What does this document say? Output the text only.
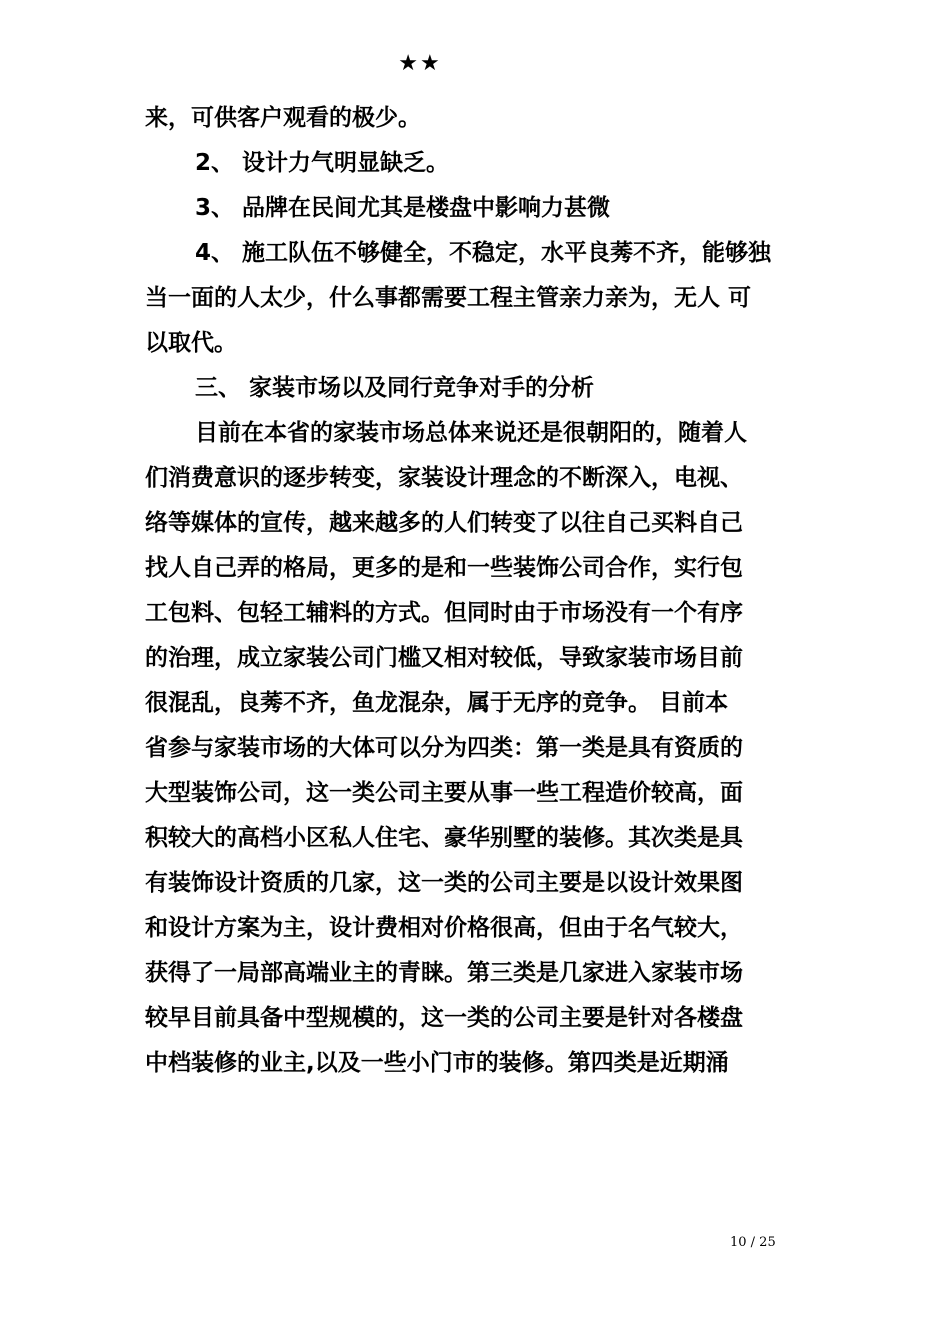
★★
来，可供客户观看的极少。
2、 设计力气明显缺乏。
3、 品牌在民间尤其是楼盘中影响力甚微
4、 施工队伍不够健全，不稳定，水平良莠不齐，能够独
当一面的人太少，什么事都需要工程主管亲力亲为，无人 可
以取代。
三、 家装市场以及同行竞争对手的分析
目前在本省的家装市场总体来说还是很朝阳的，随着人
们消费意识的逐步转变，家装设计理念的不断深入，电视、
络等媒体的宣传，越来越多的人们转变了以往自己买料自己
找人自己弄的格局，更多的是和一些装饰公司合作，实行包
工包料、包轻工辅料的方式。但同时由于市场没有一个有序
的治理，成立家装公司门槛又相对较低，导致家装市场目前
很混乱，良莠不齐，鱼龙混杂，属于无序的竞争。 目前本
省参与家装市场的大体可以分为四类：第一类是具有资质的
大型装饰公司，这一类公司主要从事一些工程造价较高，面
积较大的高档小区私人住宅、豪华别墅的装修。其次类是具
有装饰设计资质的几家，这一类的公司主要是以设计效果图
和设计方案为主，设计费相对价格很高，但由于名气较大，
获得了一局部高端业主的青睐。第三类是几家进入家装市场
较早目前具备中型规模的，这一类的公司主要是针对各楼盘
中档装修的业主,以及一些小门市的装修。第四类是近期涌
10 / 25
